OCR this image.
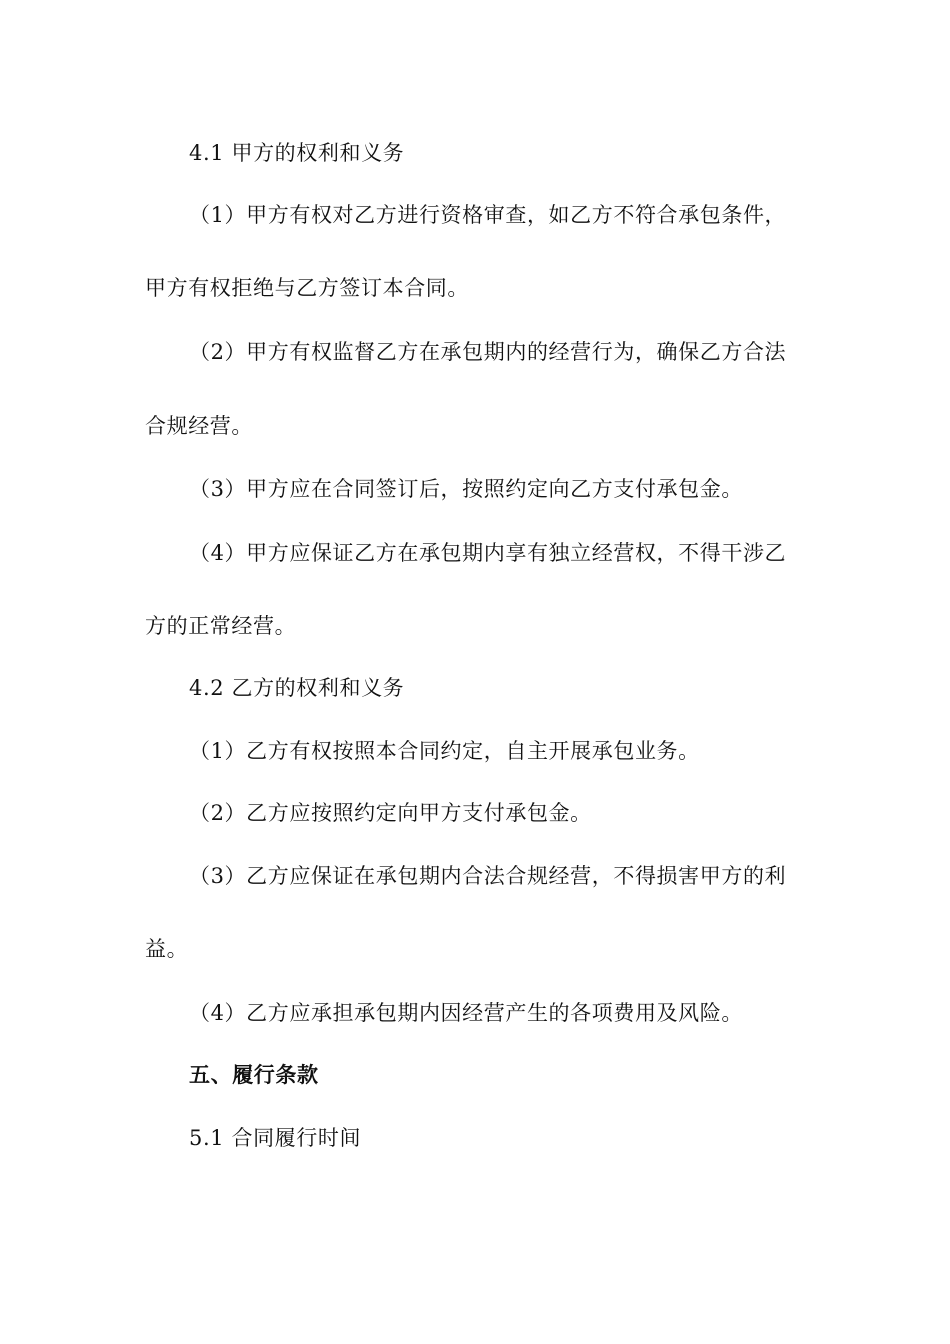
4.1 甲方的权利和义务
（1）甲方有权对乙方进行资格审查，如乙方不符合承包条件，
甲方有权拒绝与乙方签订本合同。
（2）甲方有权监督乙方在承包期内的经营行为，确保乙方合法
合规经营。
（3）甲方应在合同签订后，按照约定向乙方支付承包金。
（4）甲方应保证乙方在承包期内享有独立经营权，不得干涉乙
方的正常经营。
4.2 乙方的权利和义务
（1）乙方有权按照本合同约定，自主开展承包业务。
（2）乙方应按照约定向甲方支付承包金。
（3）乙方应保证在承包期内合法合规经营，不得损害甲方的利
益。
（4）乙方应承担承包期内因经营产生的各项费用及风险。
五、履行条款
5.1 合同履行时间
